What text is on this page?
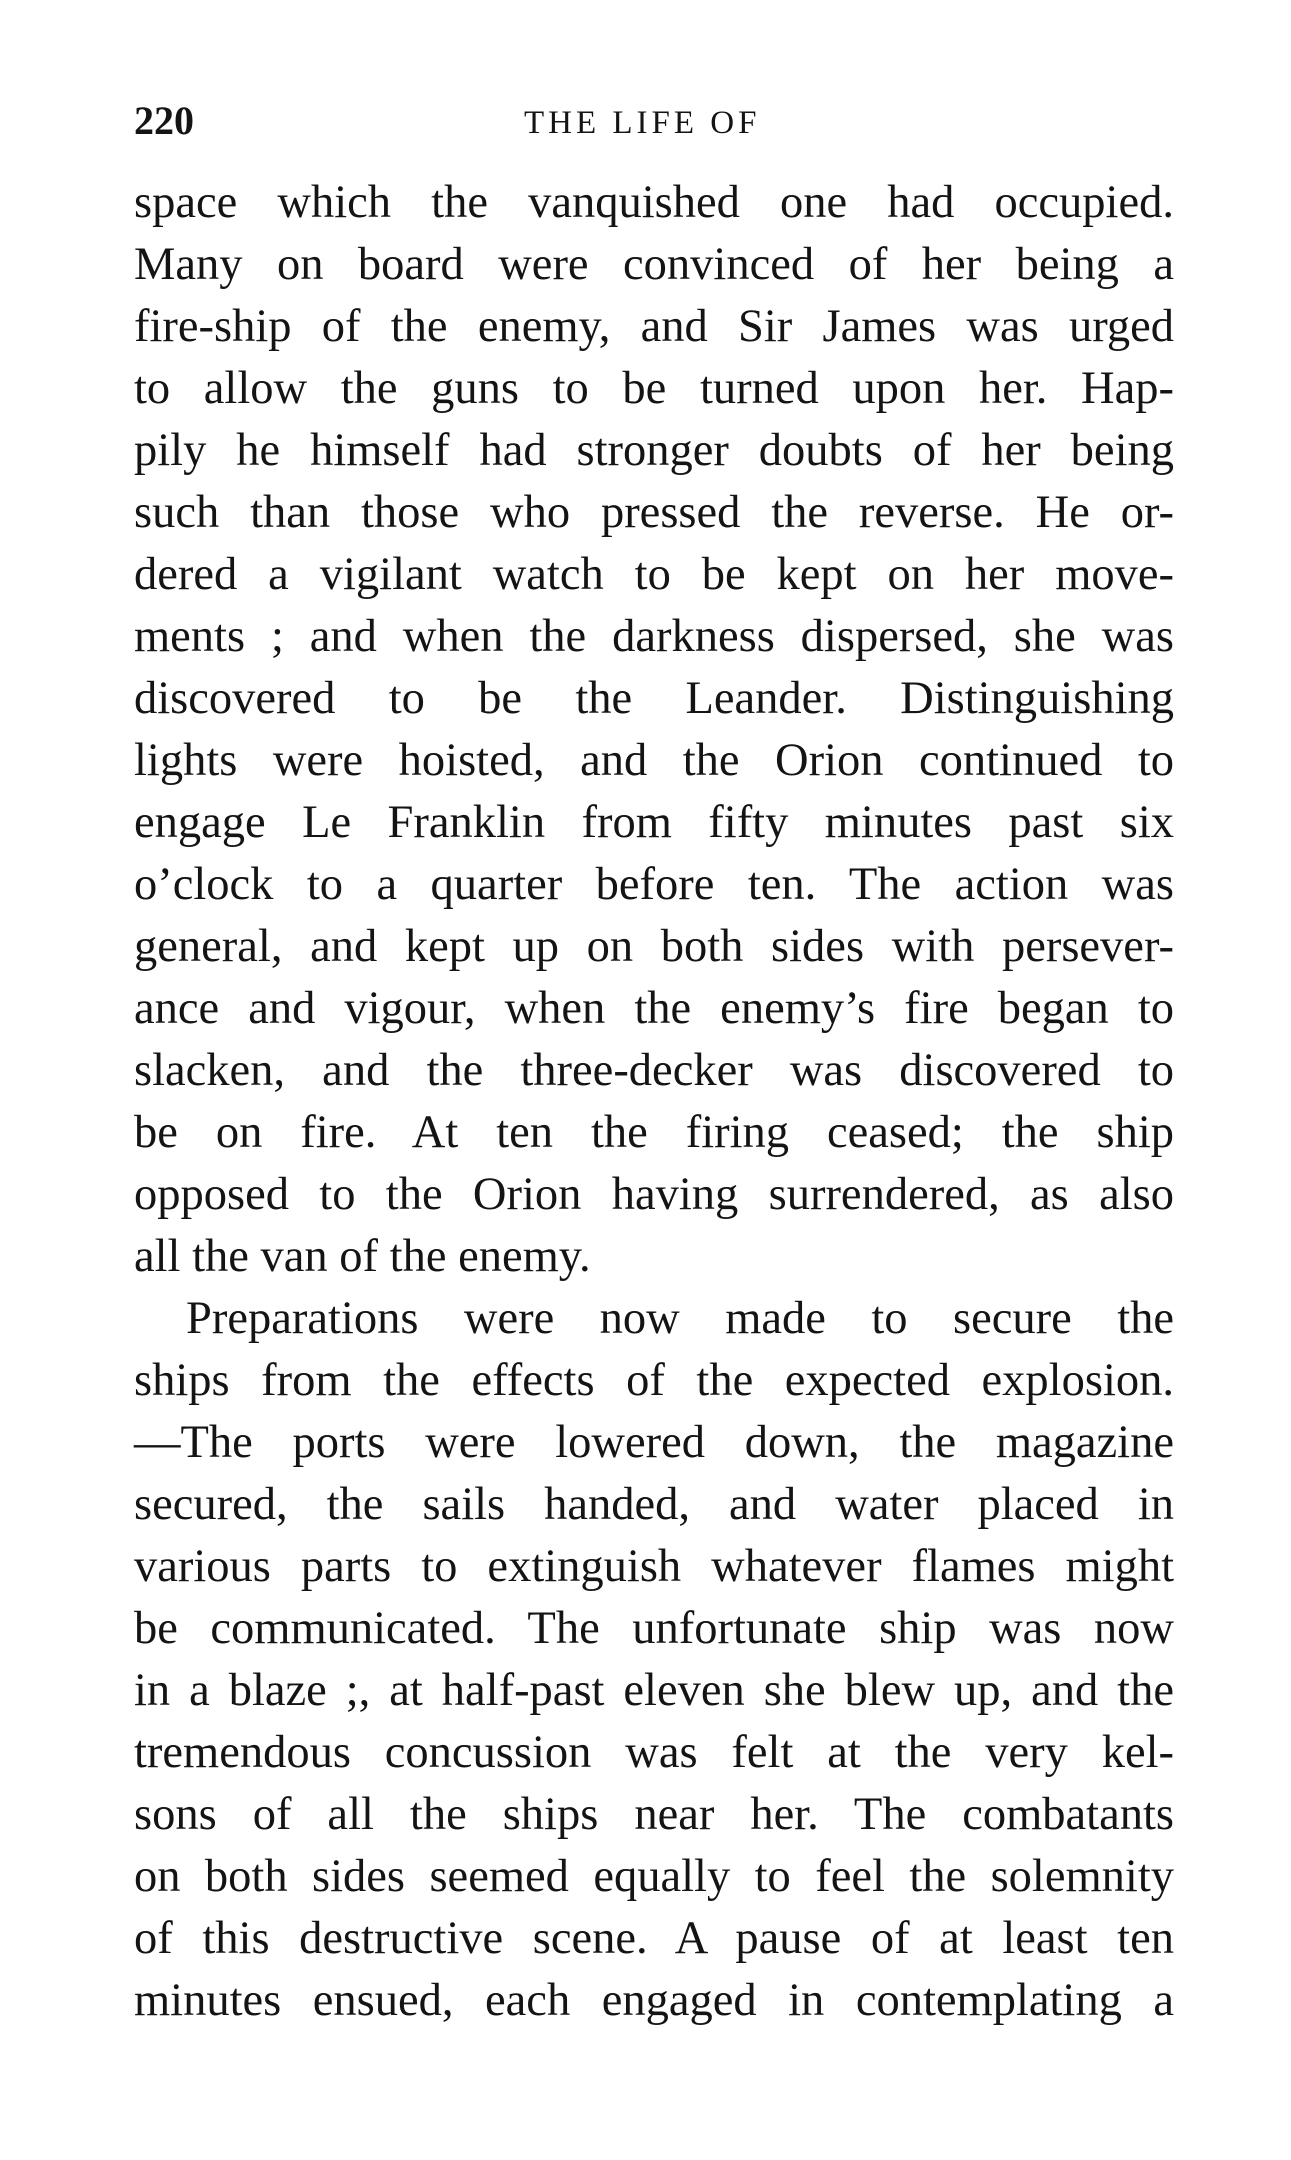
220	THE LIFE OF
space which the vanquished one had occupied.
Many on board were convinced of her being a
fire-ship of the enemy, and Sir James was urged
to allow the guns to be turned upon her. Hap-
pily he himself had stronger doubts of her being
such than those who pressed the reverse. He or-
dered a vigilant watch to be kept on her move-
ments ; and when the darkness dispersed, she was
discovered to be the Leander. Distinguishing
lights were hoisted, and the Orion continued to
engage Le Franklin from fifty minutes past six
o’clock to a quarter before ten. The action was
general, and kept up on both sides with persever-
ance and vigour, when the enemy’s fire began to
slacken, and the three-decker was discovered to
be on fire. At ten the firing ceased; the ship
opposed to the Orion having surrendered, as also
all the van of the enemy.
Preparations were now made to secure the
ships from the effects of the expected explosion.
—The ports were lowered down, the magazine
secured, the sails handed, and water placed in
various parts to extinguish whatever flames might
be communicated. The unfortunate ship was now
in a blaze ;, at half-past eleven she blew up, and the
tremendous concussion was felt at the very kel-
sons of all the ships near her. The combatants
on both sides seemed equally to feel the solemnity
of this destructive scene. A pause of at least ten
minutes ensued, each engaged in contemplating a
